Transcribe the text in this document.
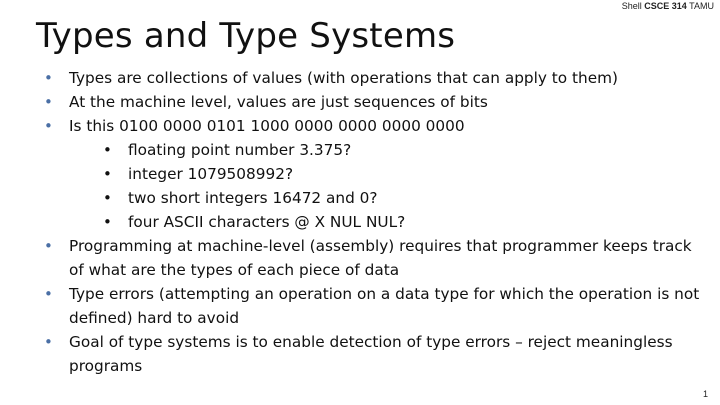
Shell CSCE 314 TAMU
Types and Type Systems
• Types are collections of values (with operations that can apply to them)
• At the machine level, values are just sequences of bits
• Is this 0100 0000 0101 1000 0000 0000 0000 0000
• floating point number 3.375?
• integer 1079508992?
• two short integers 16472 and 0?
• four ASCII characters @ X NUL NUL?
• Programming at machine-level (assembly) requires that programmer keeps track of what are the types of each piece of data
• Type errors (attempting an operation on a data type for which the operation is not defined) hard to avoid
• Goal of type systems is to enable detection of type errors – reject meaningless programs
1
